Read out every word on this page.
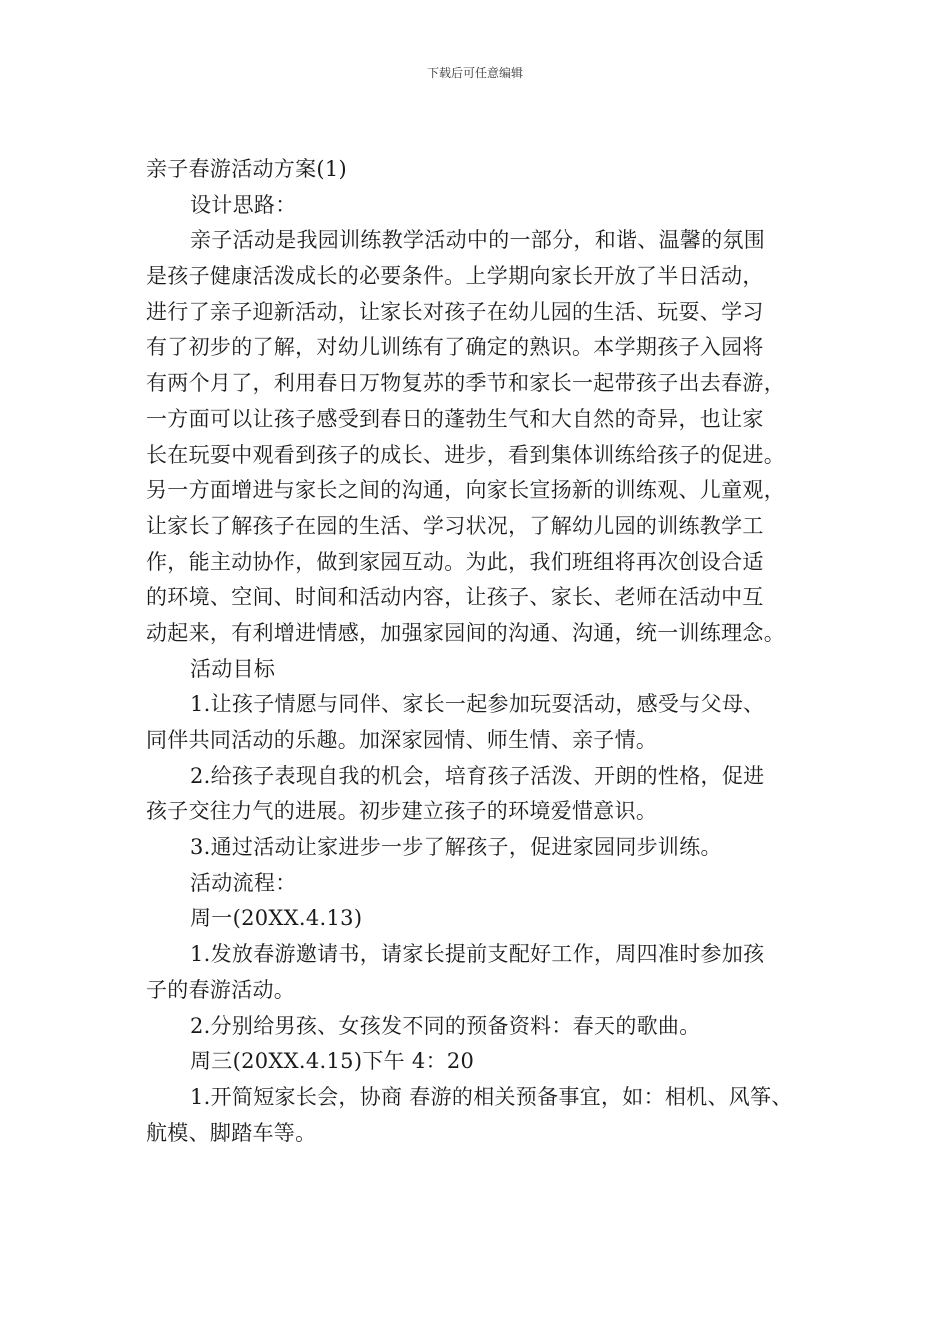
下载后可任意编辑
亲子春游活动方案(1)
设计思路：
亲子活动是我园训练教学活动中的一部分，和谐、温馨的氛围
是孩子健康活泼成长的必要条件。上学期向家长开放了半日活动，
进行了亲子迎新活动，让家长对孩子在幼儿园的生活、玩耍、学习
有了初步的了解，对幼儿训练有了确定的熟识。本学期孩子入园将
有两个月了，利用春日万物复苏的季节和家长一起带孩子出去春游，
一方面可以让孩子感受到春日的蓬勃生气和大自然的奇异，也让家
长在玩耍中观看到孩子的成长、进步，看到集体训练给孩子的促进。
另一方面增进与家长之间的沟通，向家长宣扬新的训练观、儿童观，
让家长了解孩子在园的生活、学习状况，了解幼儿园的训练教学工
作，能主动协作，做到家园互动。为此，我们班组将再次创设合适
的环境、空间、时间和活动内容，让孩子、家长、老师在活动中互
动起来，有利增进情感，加强家园间的沟通、沟通，统一训练理念。
活动目标
1.让孩子情愿与同伴、家长一起参加玩耍活动，感受与父母、
同伴共同活动的乐趣。加深家园情、师生情、亲子情。
2.给孩子表现自我的机会，培育孩子活泼、开朗的性格，促进
孩子交往力气的进展。初步建立孩子的环境爱惜意识。
3.通过活动让家进步一步了解孩子，促进家园同步训练。
活动流程：
周一(20XX.4.13)
1.发放春游邀请书，请家长提前支配好工作，周四准时参加孩
子的春游活动。
2.分别给男孩、女孩发不同的预备资料：春天的歌曲。
周三(20XX.4.15)下午 4：20
1.开简短家长会，协商 春游的相关预备事宜，如：相机、风筝、
航模、脚踏车等。
